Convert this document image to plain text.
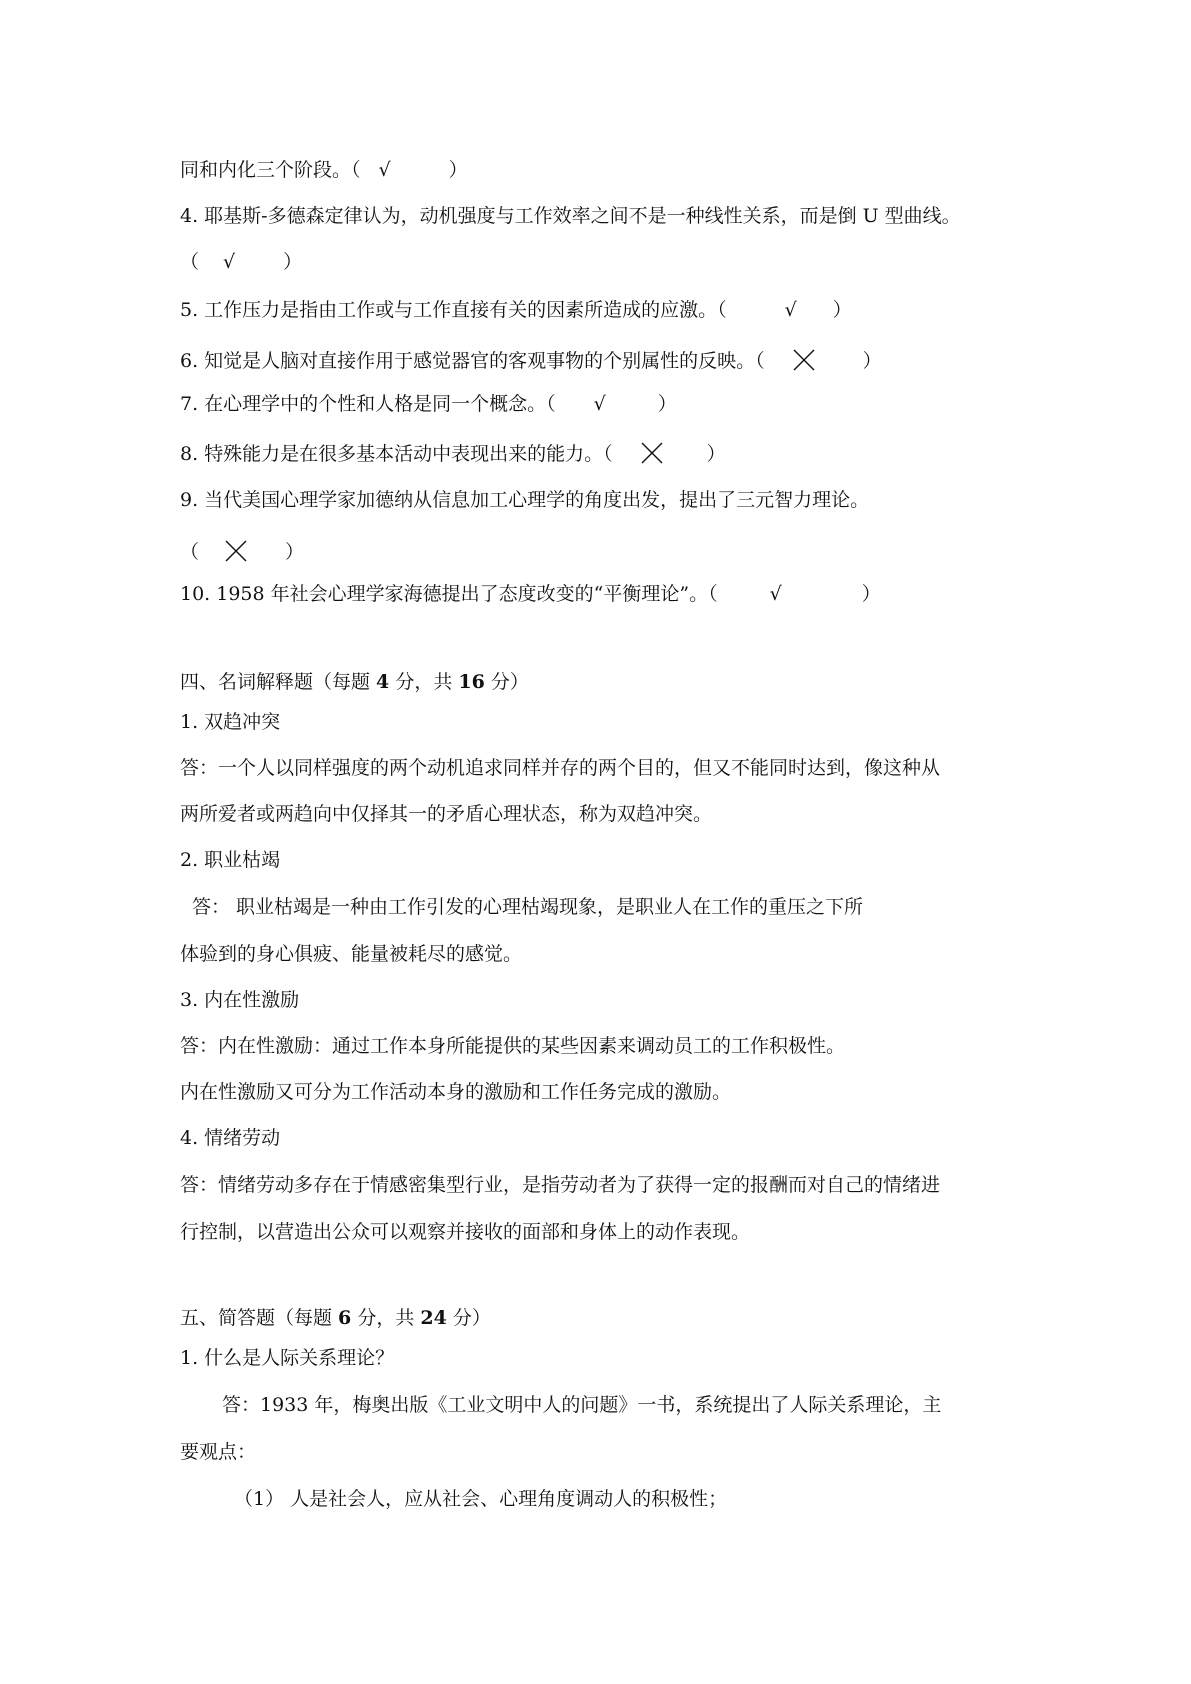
同和内化三个阶段。（ √	）
4. 耶基斯-多德森定律认为，动机强度与工作效率之间不是一种线性关系，而是倒 U 型曲线。
（ √	）
5. 工作压力是指由工作或与工作直接有关的因素所造成的应激。（	√ ）
6. 知觉是人脑对直接作用于感觉器官的客观事物的个别属性的反映。（	）
7. 在心理学中的个性和人格是同一个概念。（ √	）
8. 特殊能力是在很多基本活动中表现出来的能力。（	）
9. 当代美国心理学家加德纳从信息加工心理学的角度出发，提出了三元智力理论。
（	）
10. 1958 年社会心理学家海德提出了态度改变的“平衡理论”。（	√	）
四、名词解释题（每题 4 分，共 16 分）
1. 双趋冲突
答：一个人以同样强度的两个动机追求同样并存的两个目的，但又不能同时达到，像这种从
两所爱者或两趋向中仅择其一的矛盾心理状态，称为双趋冲突。
2. 职业枯竭
答： 职业枯竭是一种由工作引发的心理枯竭现象，是职业人在工作的重压之下所
体验到的身心俱疲、能量被耗尽的感觉。
3. 内在性激励
答：内在性激励：通过工作本身所能提供的某些因素来调动员工的工作积极性。
内在性激励又可分为工作活动本身的激励和工作任务完成的激励。
4. 情绪劳动
答：情绪劳动多存在于情感密集型行业，是指劳动者为了获得一定的报酬而对自己的情绪进
行控制，以营造出公众可以观察并接收的面部和身体上的动作表现。
五、简答题（每题 6 分，共 24 分）
1. 什么是人际关系理论？
答：1933 年，梅奥出版《工业文明中人的问题》一书，系统提出了人际关系理论，主
要观点：
（1） 人是社会人，应从社会、心理角度调动人的积极性；
